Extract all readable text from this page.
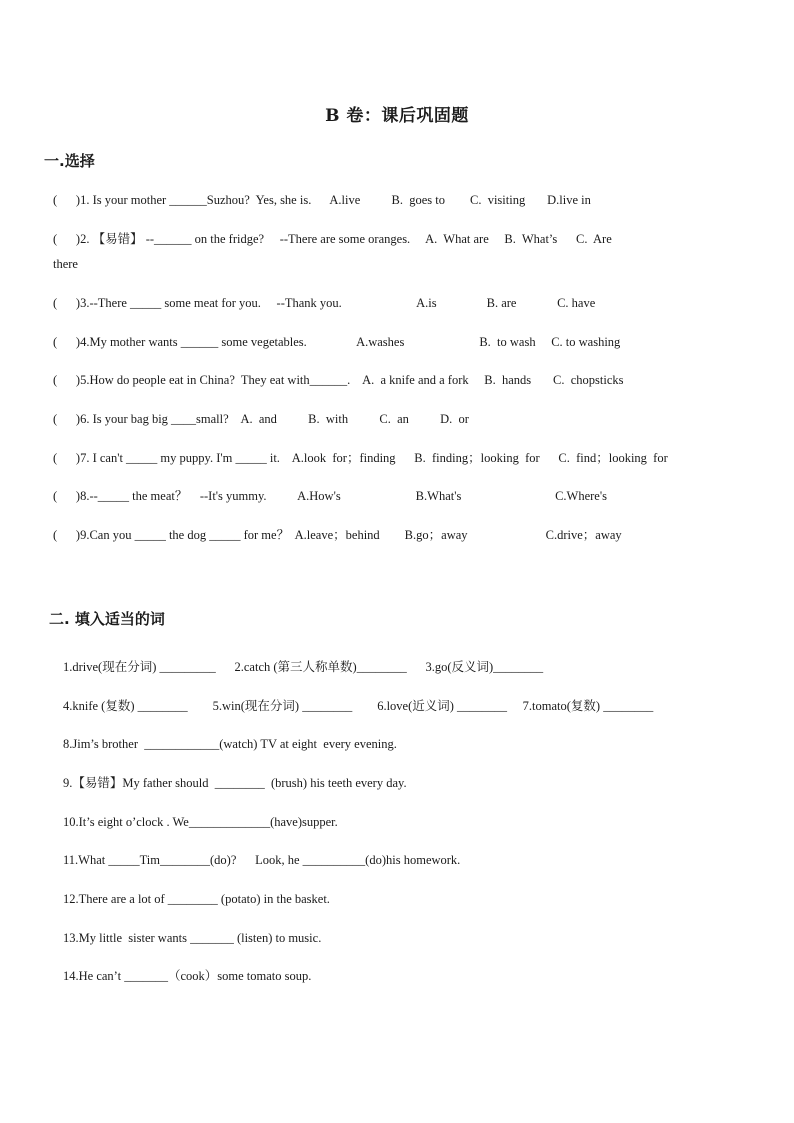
B 卷：课后巩固题
一.选择
(      )1. Is your mother ______Suzhou?  Yes, she is.      A.live          B.  goes to        C.  visiting       D.live in
(      )2. 【易错】 --______ on the fridge?     --There are some oranges.     A.  What are     B.  What’s      C.  Are
there
(      )3.--There _____ some meat for you.     --Thank you.                        A.is                B. are             C. have
(      )4.My mother wants ______ some vegetables.                A.washes                        B.  to wash     C. to washing
(      )5.How do people eat in China?  They eat with______.    A.  a knife and a fork     B.  hands       C.  chopsticks
(      )6. Is your bag big ____small?    A.  and          B.  with          C.  an          D.  or
(      )7. I can't _____ my puppy. I'm _____ it.    A.look  for；finding      B.  finding；looking  for      C.  find；looking  for
(      )8.--_____ the meat？    --It's yummy.          A.How's                        B.What's                              C.Where's
(      )9.Can you _____ the dog _____ for me？  A.leave；behind        B.go；away                         C.drive；away
二. 填入适当的词
1.drive(现在分词) _________      2.catch (第三人称单数)________      3.go(反义词)________
4.knife (复数) ________        5.win(现在分词) ________        6.love(近义词) ________     7.tomato(复数) ________
8.Jim’s brother  ____________(watch) TV at eight  every evening.
9.【易错】My father should  ________  (brush) his teeth every day.
10.It’s eight o’clock . We_____________(have)supper.
11.What _____Tim________(do)?      Look, he __________(do)his homework.
12.There are a lot of ________ (potato) in the basket.
13.My little  sister wants _______ (listen) to music.
14.He can’t _______（cook）some tomato soup.
